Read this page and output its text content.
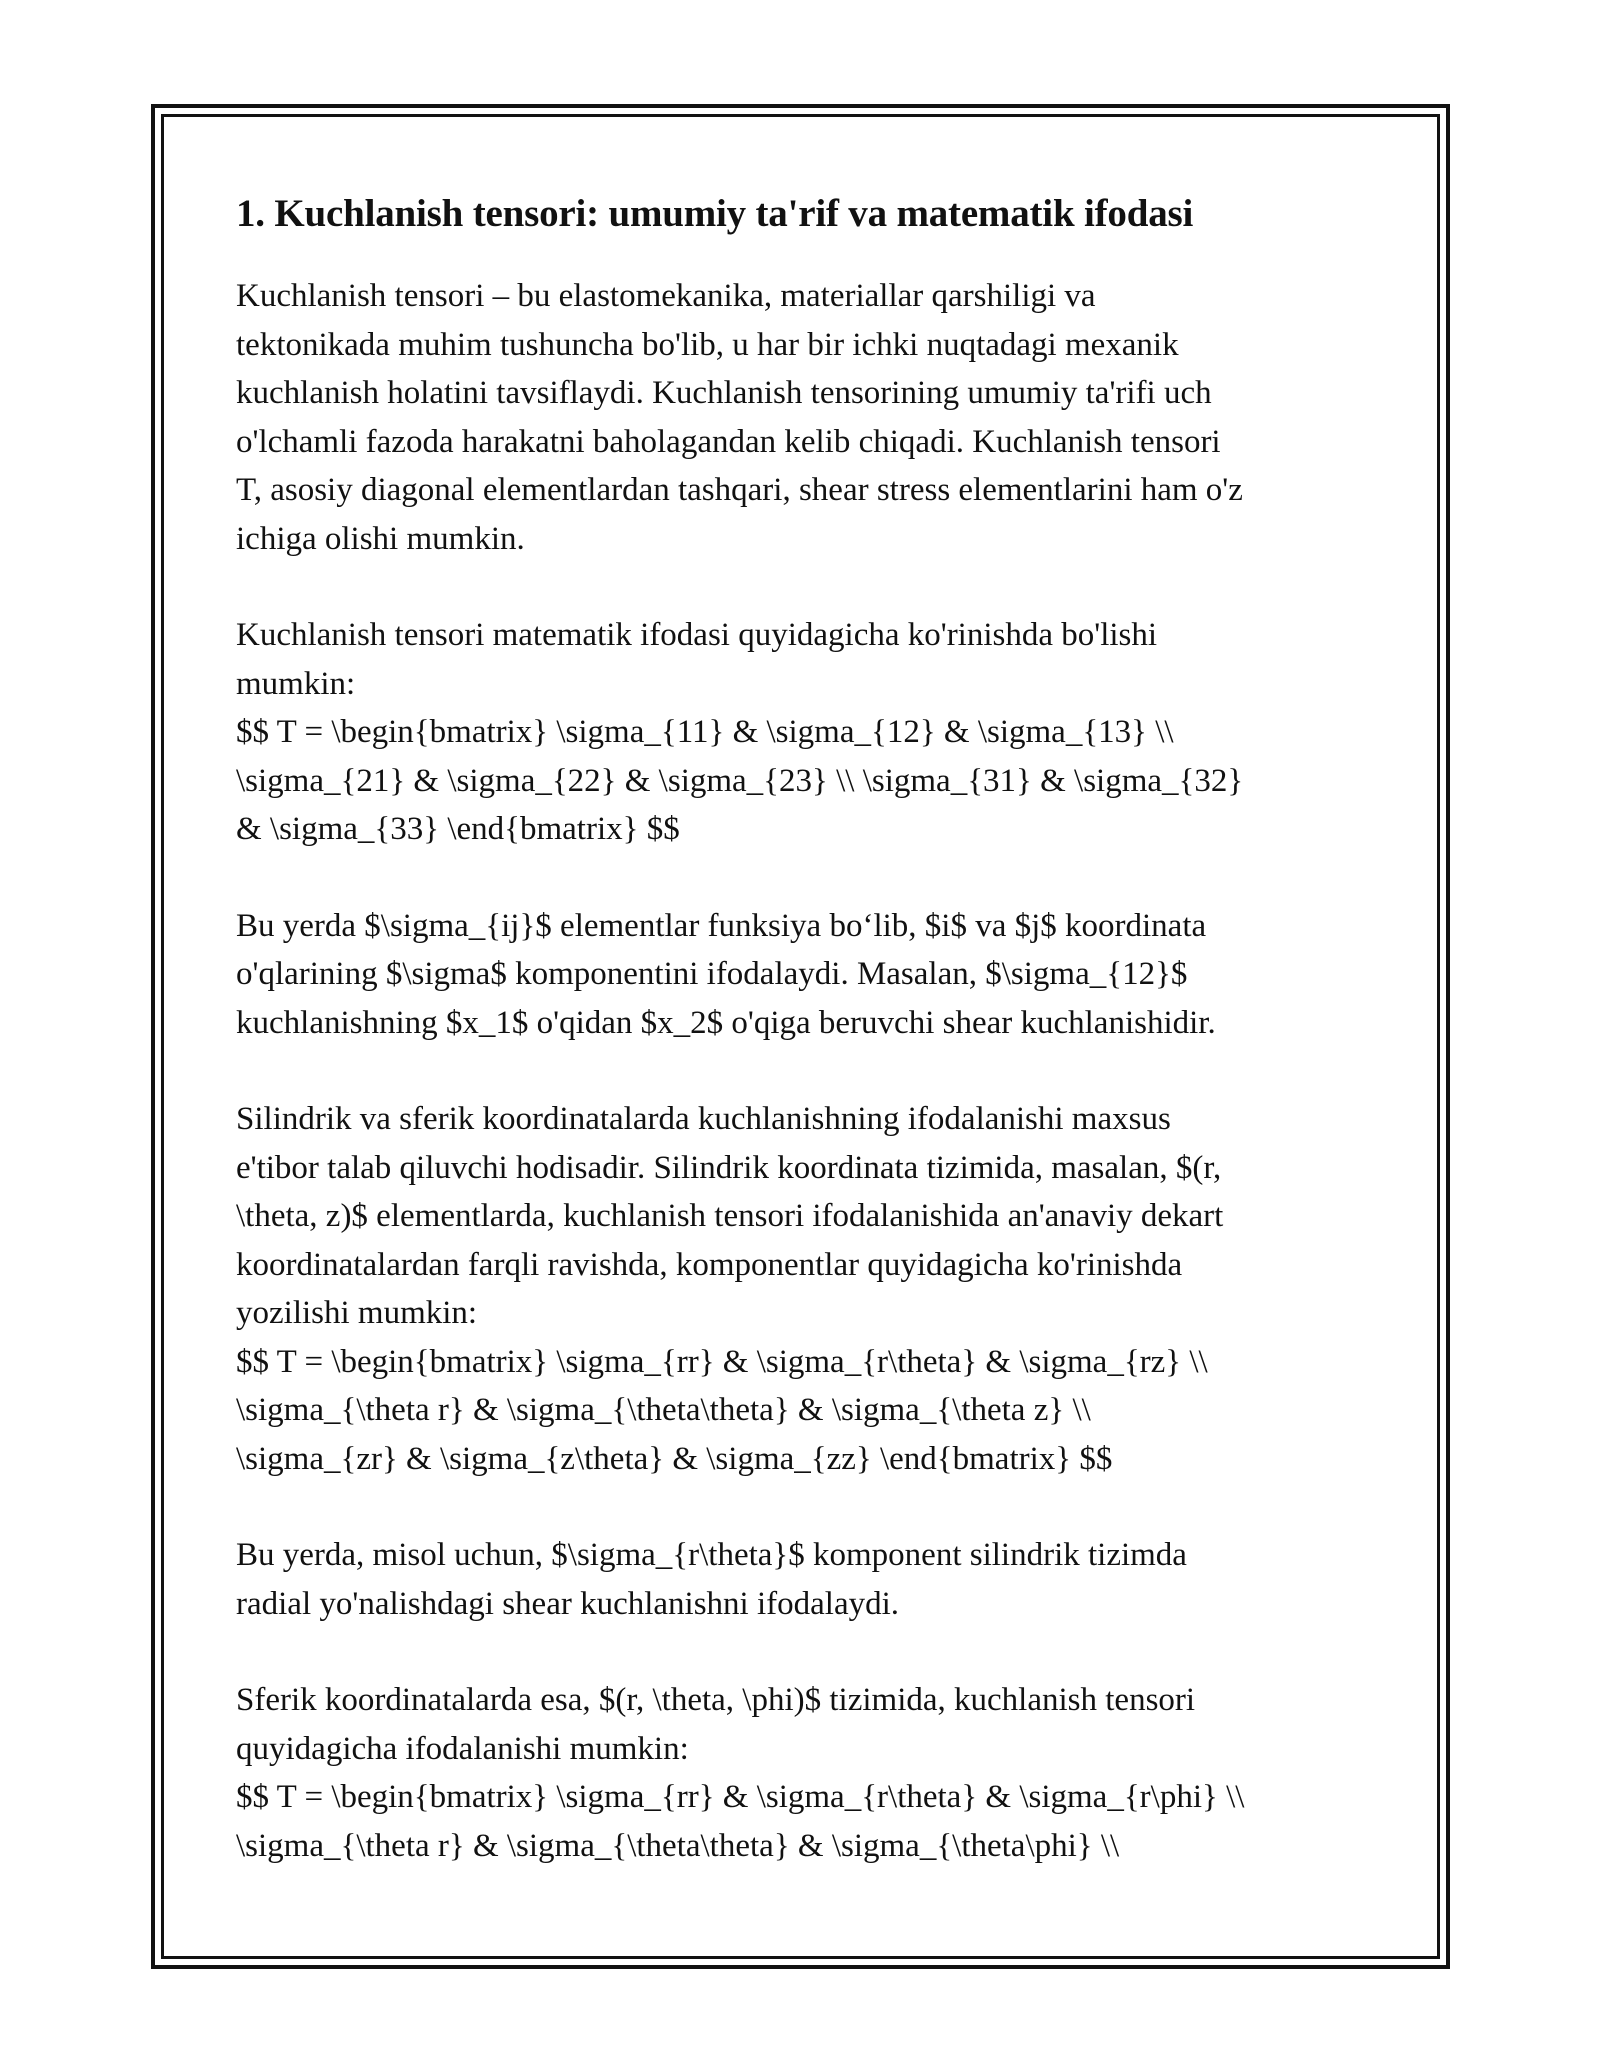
1. Kuchlanish tensori: umumiy ta'rif va matematik ifodasi

Kuchlanish tensori – bu elastomekanika, materiallar qarshiligi va
tektonikada muhim tushuncha bo'lib, u har bir ichki nuqtadagi mexanik
kuchlanish holatini tavsiflaydi. Kuchlanish tensorining umumiy ta'rifi uch
o'lchamli fazoda harakatni baholagandan kelib chiqadi. Kuchlanish tensori
T, asosiy diagonal elementlardan tashqari, shear stress elementlarini ham o'z
ichiga olishi mumkin.

Kuchlanish tensori matematik ifodasi quyidagicha ko'rinishda bo'lishi
mumkin:
$$ T = \begin{bmatrix} \sigma_{11} & \sigma_{12} & \sigma_{13} \\
\sigma_{21} & \sigma_{22} & \sigma_{23} \\ \sigma_{31} & \sigma_{32}
& \sigma_{33} \end{bmatrix} $$

Bu yerda $\sigma_{ij}$ elementlar funksiya bo‘lib, $i$ va $j$ koordinata
o'qlarining $\sigma$ komponentini ifodalaydi. Masalan, $\sigma_{12}$
kuchlanishning $x_1$ o'qidan $x_2$ o'qiga beruvchi shear kuchlanishidir.

Silindrik va sferik koordinatalarda kuchlanishning ifodalanishi maxsus
e'tibor talab qiluvchi hodisadir. Silindrik koordinata tizimida, masalan, $(r,
\theta, z)$ elementlarda, kuchlanish tensori ifodalanishida an'anaviy dekart
koordinatalardan farqli ravishda, komponentlar quyidagicha ko'rinishda
yozilishi mumkin:
$$ T = \begin{bmatrix} \sigma_{rr} & \sigma_{r\theta} & \sigma_{rz} \\
\sigma_{\theta r} & \sigma_{\theta\theta} & \sigma_{\theta z} \\
\sigma_{zr} & \sigma_{z\theta} & \sigma_{zz} \end{bmatrix} $$

Bu yerda, misol uchun, $\sigma_{r\theta}$ komponent silindrik tizimda
radial yo'nalishdagi shear kuchlanishni ifodalaydi.

Sferik koordinatalarda esa, $(r, \theta, \phi)$ tizimida, kuchlanish tensori
quyidagicha ifodalanishi mumkin:
$$ T = \begin{bmatrix} \sigma_{rr} & \sigma_{r\theta} & \sigma_{r\phi} \\
\sigma_{\theta r} & \sigma_{\theta\theta} & \sigma_{\theta\phi} \\
